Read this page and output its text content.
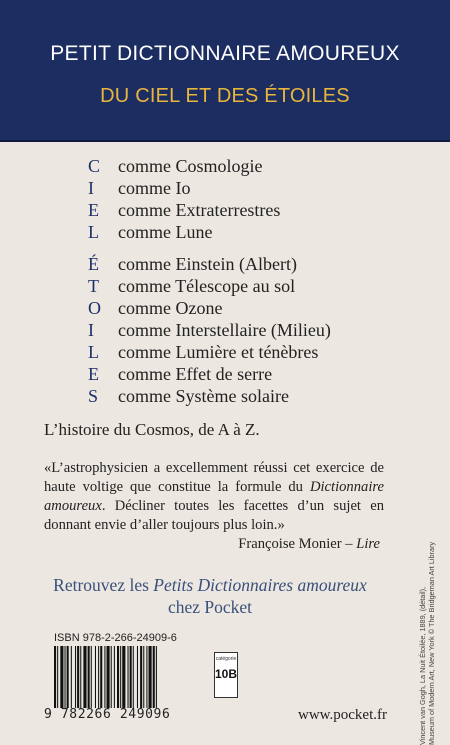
PETIT DICTIONNAIRE AMOUREUX
DU CIEL ET DES ÉTOILES
C comme Cosmologie
I comme Io
E comme Extraterrestres
L comme Lune
É comme Einstein (Albert)
T comme Télescope au sol
O comme Ozone
I comme Interstellaire (Milieu)
L comme Lumière et ténèbres
E comme Effet de serre
S comme Système solaire
L’histoire du Cosmos, de A à Z.
«L’astrophysicien a excellemment réussi cet exercice de haute voltige que constitue la formule du Dictionnaire amoureux. Décliner toutes les facettes d’un sujet en donnant envie d’aller toujours plus loin.»
Françoise Monier – Lire
Retrouvez les Petits Dictionnaires amoureux
chez Pocket	Vincent van Gogh, La Nuit Étoilée, 1889, (détail), Museum of Modern Art, New York © The Bridgeman Art Library
ISBN 978-2-266-24909-6
9 782266 249096
catégorie
10B
www.pocket.fr
